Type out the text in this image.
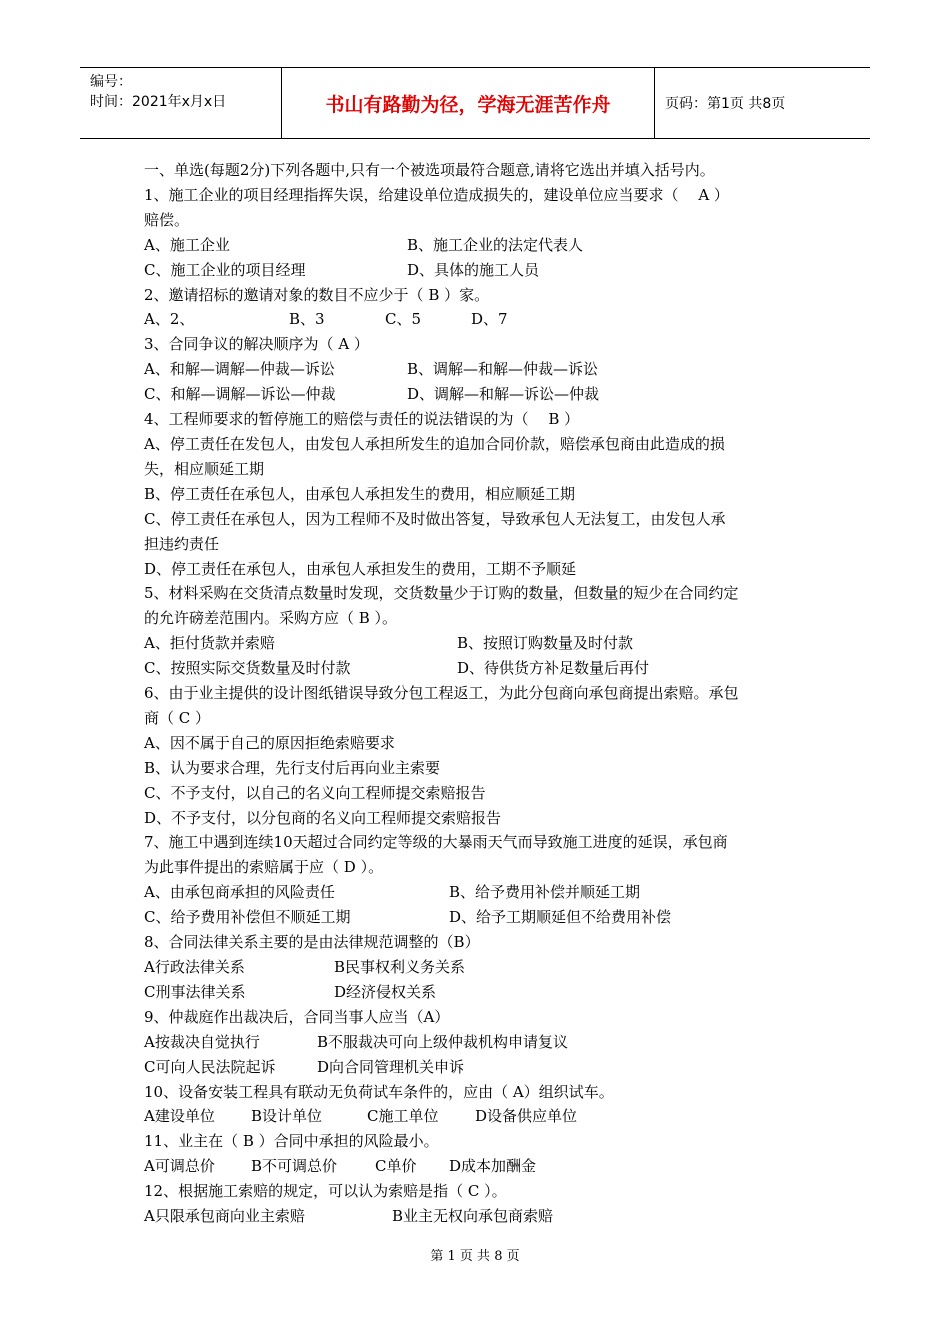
编号：
时间：2021年x月x日	书山有路勤为径，学海无涯苦作舟	页码：第1页 共8页
一、单选(每题2分)下列各题中,只有一个被选项最符合题意,请将它选出并填入括号内。
1、施工企业的项目经理指挥失误，给建设单位造成损失的，建设单位应当要求（　 A ）
赔偿。
A、施工企业	B、施工企业的法定代表人
C、施工企业的项目经理	D、具体的施工人员
2、邀请招标的邀请对象的数目不应少于（ B ）家。
A、2、	B、3	C、5	D、7
3、合同争议的解决顺序为（ A ）
A、和解—调解—仲裁—诉讼	B、调解—和解—仲裁—诉讼
C、和解—调解—诉讼—仲裁	D、调解—和解—诉讼—仲裁
4、工程师要求的暂停施工的赔偿与责任的说法错误的为（　 B ）
A、停工责任在发包人，由发包人承担所发生的追加合同价款，赔偿承包商由此造成的损
失，相应顺延工期
B、停工责任在承包人，由承包人承担发生的费用，相应顺延工期
C、停工责任在承包人，因为工程师不及时做出答复，导致承包人无法复工，由发包人承
担违约责任
D、停工责任在承包人，由承包人承担发生的费用，工期不予顺延
5、材料采购在交货清点数量时发现，交货数量少于订购的数量，但数量的短少在合同约定
的允许磅差范围内。采购方应（ B ）。
A、拒付货款并索赔	B、按照订购数量及时付款
C、按照实际交货数量及时付款	D、待供货方补足数量后再付
6、由于业主提供的设计图纸错误导致分包工程返工，为此分包商向承包商提出索赔。承包
商（ C ）
A、因不属于自己的原因拒绝索赔要求
B、认为要求合理，先行支付后再向业主索要
C、不予支付，以自己的名义向工程师提交索赔报告
D、不予支付，以分包商的名义向工程师提交索赔报告
7、施工中遇到连续10天超过合同约定等级的大暴雨天气而导致施工进度的延误，承包商
为此事件提出的索赔属于应（ D ）。
A、由承包商承担的风险责任	B、给予费用补偿并顺延工期
C、给予费用补偿但不顺延工期	D、给予工期顺延但不给费用补偿
8、合同法律关系主要的是由法律规范调整的（B）
A行政法律关系	B民事权利义务关系
C刑事法律关系	D经济侵权关系
9、仲裁庭作出裁决后，合同当事人应当（A）
A按裁决自觉执行	B不服裁决可向上级仲裁机构申请复议
C可向人民法院起诉	D向合同管理机关申诉
10、设备安装工程具有联动无负荷试车条件的，应由（ A）组织试车。
A建设单位	B设计单位	C施工单位	D设备供应单位
11、业主在（ B ）合同中承担的风险最小。
A可调总价	B不可调总价	C单价	D成本加酬金
12、根据施工索赔的规定，可以认为索赔是指（ C ）。
A只限承包商向业主索赔	B业主无权向承包商索赔
第 1 页 共 8 页
